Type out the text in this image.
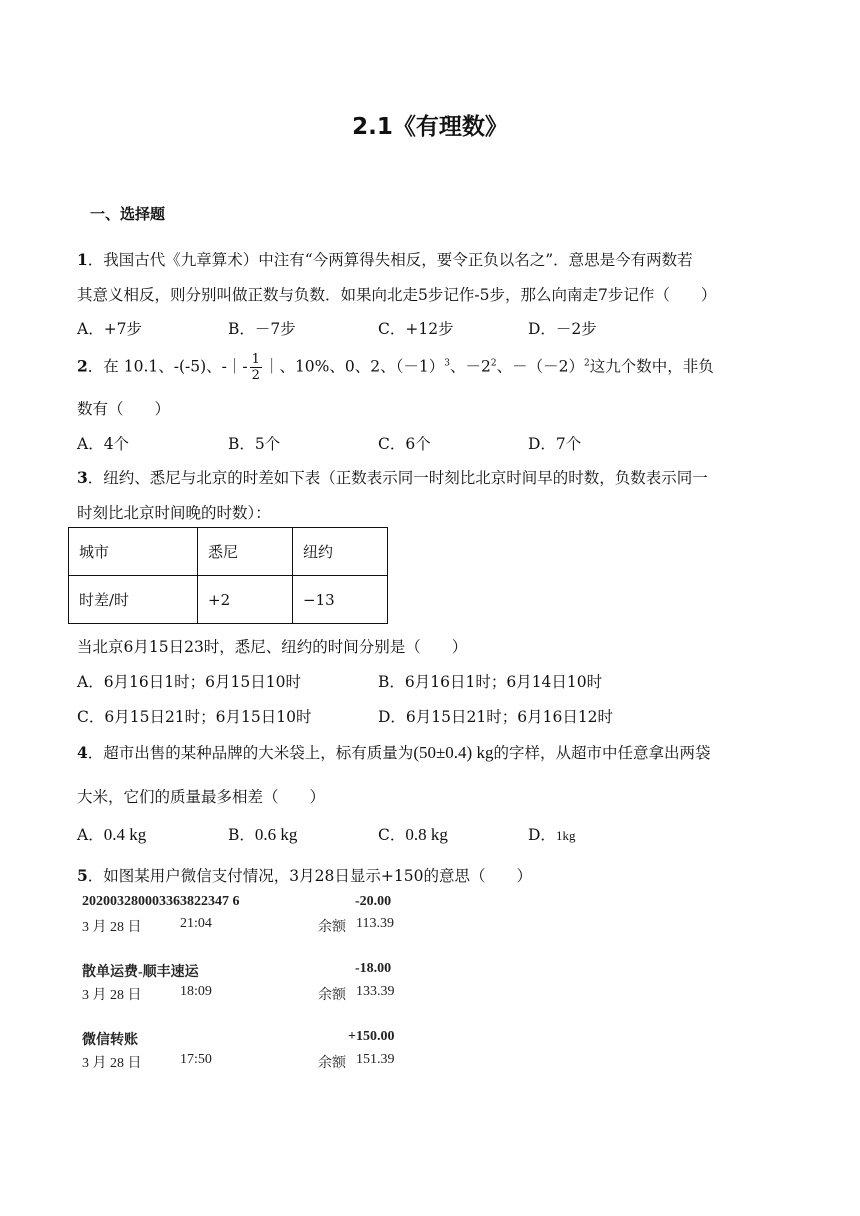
2.1《有理数》
一、选择题
1．我国古代《九章算术）中注有“今两算得失相反，要令正负以名之”．意思是今有两数若
其意义相反，则分别叫做正数与负数．如果向北走5步记作-5步，那么向南走7步记作（　　）
A．+7步	B．－7步	C．+12步	D．－2步
2．在 10.1、-(-5)、-｜- $\frac{1}{2}$ ｜、10%、0、2、$(-1)^3$、$-2^2$、$-(-2)^2$这九个数中，非负
数有（　　）
A．4个	B．5个	C．6个	D．7个
3．纽约、悉尼与北京的时差如下表（正数表示同一时刻比北京时间早的时数，负数表示同一
时刻比北京时间晚的时数）：
城市	悉尼	纽约
时差/时	+2	−13
当北京6月15日23时，悉尼、纽约的时间分别是（　　）
A．6月16日1时；6月15日10时	B．6月16日1时；6月14日10时
C．6月15日21时；6月15日10时	D．6月15日21时；6月16日12时
4．超市出售的某种品牌的大米袋上，标有质量为(50±0.4) kg的字样，从超市中任意拿出两袋
大米，它们的质量最多相差（　　）
A．0.4 kg	B．0.6 kg	C．0.8 kg	D．1kg
5．如图某用户微信支付情况，3月28日显示+150的意思（　　）
202003280003363822347 6	-20.00
3 月 28 日	21:04	余额 113.39
散单运费-顺丰速运	-18.00
3 月 28 日	18:09	余额 133.39
微信转账	+150.00
3 月 28 日	17:50	余额 151.39
